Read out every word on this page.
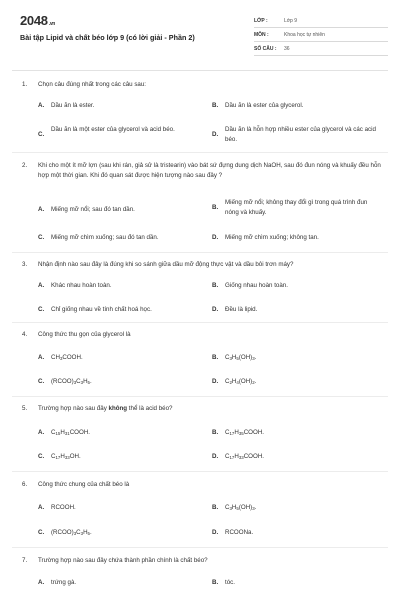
2048.vn
Bài tập Lipid và chất béo lớp 9 (có lời giải - Phần 2)
LỚP :	Lớp 9
MÔN :	Khoa học tự nhiên
SỐ CÂU :	36
1.	Chọn câu đúng nhất trong các câu sau:
A.	Dầu ăn là ester.	B.	Dầu ăn là ester của glycerol.
C.
Dầu ăn là một ester của glycerol và acid béo.
D.
Dầu ăn là hỗn hợp nhiều ester của glycerol và các acid béo.
2.	Khi cho một ít mỡ lợn (sau khi rán, giả sử là tristearin) vào bát sứ đựng dung dịch NaOH, sau đó đun nóng và khuấy đều hỗn hợp một thời gian. Khi đó quan sát được hiện tượng nào sau đây ?
A.	Miếng mỡ nổi; sau đó tan dần.	B.
Miếng mỡ nổi; không thay đổi gì trong quá trình đun nóng và khuấy.
C.	Miếng mỡ chìm xuống; sau đó tan dần.	D.	Miếng mỡ chìm xuống; không tan.
3.	Nhận định nào sau đây là đúng khi so sánh giữa dầu mỡ động thực vật và dầu bôi trơn máy?
A.	Khác nhau hoàn toàn.	B.	Giống nhau hoàn toàn.
C.	Chỉ giống nhau về tính chất hoá học.	D.	Đều là lipid.
4.	Công thức thu gọn của glycerol là
A.	$CH_3COOH$.	B.	$C_3H_5(OH)_3$.
C.	$(RCOO)_3C_3H_5$.	D.	$C_2H_4(OH)_2$.
5.	Trường hợp nào sau đây không thể là acid béo?
A.	$C_{15}H_{31}COOH$.	B.	$C_{17}H_{35}COOH$.
C.	$C_{17}H_{33}OH$.	D.	$C_{17}H_{33}COOH$.
6.	Công thức chung của chất béo là
A.	RCOOH.	B.	$C_3H_5(OH)_3$.
C.	$(RCOO)_3C_3H_5$.	D.	RCOONa.
7.	Trường hợp nào sau đây chứa thành phần chính là chất béo?
A.	trứng gà.	B.	tóc.
